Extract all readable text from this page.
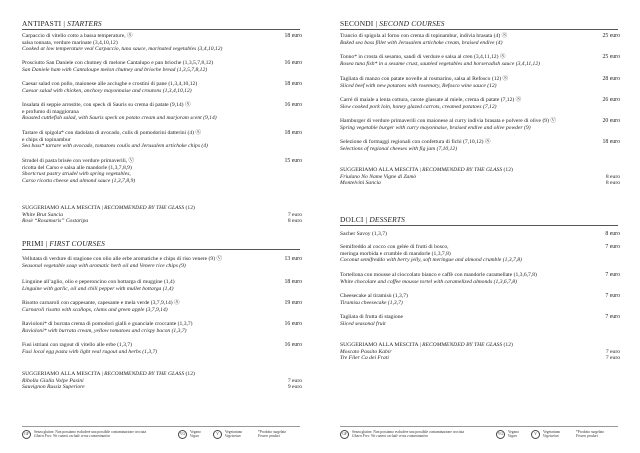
ANTIPASTI | STARTERS
Carpaccio di vitello cotto a bassa temperature, Ⓢ
salsa tonnata, verdure marinate (3,4,10,12)
Cooked at low temperature veal Carpaccio, tuna sauce, marinated vegetables (3,4,10,12)
18 euro
Prosciutto San Daniele con chutney di melone Cantalupo e pan brioche (1,3,5,7,8,12)
San Daniele ham with Cantaloupe melon chutney and brioche bread (1,3,5,7,8,12)
16 euro
Caesar salad con pollo, maionese alle acciughe e crostini di pane (1,3,4,10,12)
Caesar salad with chicken, anchovy mayonnaise and croutons (1,3,4,10,12)
18 euro
Insalata di seppie arrostite, con speck di Sauris su crema di patate (9,14) Ⓢ
e profumo di maggiorana
Roasted cuttlefish salad, with Sauris speck on potato cream and marjoram scent (9,14)
16 euro
Tartare di spigola* con dadolata di avocado, culis di pomodorini datterini (4) Ⓢ
e chips di topinambur
Sea bass* tartare with avocado, tomatoes coulis and Jerusalem artichoke chips (4)
18 euro
Strudel di pasta brisée con verdure primaverili, Ⓥ
ricotta del Carso e salsa alle mandorle (1,3,7,8,9)
Shortcrust pastry strudel with spring vegetables,
Carso ricotta cheese and almond sauce (1,3,7,8,9)
15 euro
SUGGERIAMO ALLA MESCITA | RECOMMENDED BY THE GLASS (12)
White Brut Sancia	7 euro
Rosè “Rosamaris” Costaripa	8 euro
PRIMI | FIRST COURSES
Vellutata di verdure di stagione con olio alle erbe aromatiche e chips di riso venere (9) Ⓥ
Seasonal vegetable soup with aromatic herb oil and Venere rice chips (9)
13 euro
Linguine all’aglio, olio e peperoncino con bottarga di muggine (1,4)
Linguine with garlic, oil and chili pepper with mullet bottarga (1,4)
18 euro
Risotto carnaroli con cappesante, capesante e mela verde (3,7,9,14) Ⓢ
Carnaroli risotto with scallops, clams and green apple (3,7,9,14)
19 euro
Ravioloni* di burrata crema di pomodori gialli e guanciale croccante (1,3,7)
Ravioloni* with burrata cream, yellow tomatoes and crispy bacon (1,3,7)
16 euro
Fusi istriani con ragout di vitello alle erbe (1,3,7)
Fusi local egg pasta with light veal ragout and herbs (1,3,7)
16 euro
SUGGERIAMO ALLA MESCITA | RECOMMENDED BY THE GLASS (12)
Ribolla Gialla Volpe Pasini	7 euro
Sauvignon Russiz Superiore	9 euro
SECONDI | SECOND COURSES
Trancio di spigola al forno con crema di topinambur, indivia brasata (4) Ⓢ
Baked sea bass fillet with Jerusalem artichoke cream, braised endive (4)
25 euro
Tonno* in crosta di sesamo, sandì di verdure e salsa al cren (3,4,11,12) Ⓢ
Rosea tuna fish* in a sesame crust, sautéed vegetables and horseradish sauce (3,4,11,12)
25 euro
Tagliata di manzo con patate novelle al rosmarino, salsa al Refosco (12) Ⓢ
Sliced beef with new potatoes with rosemary, Refosco wine sauce (12)
28 euro
Carré di maiale a lenta cottura, carote glassate al miele, crema di patate (7,12) Ⓢ
Slow cooked pork loin, honey glazed carrots, creamed potatoes (7,12)
26 euro
Hamburger di verdure primaverili con maionese al curry indivia brasata e polvere di olive (9) Ⓥ
Spring vegetable burger with curry mayonnaise, braised endive and olive powder (9)
20 euro
Selezione di formaggi regionali con confettura di fichi (7,10,12) Ⓢ
Selections of regional cheeses with fig jam (7,10,12)
18 euro
SUGGERIAMO ALLA MESCITA | RECOMMENDED BY THE GLASS (12)
Friulano No Name Vigne di Zamò	8 euro
Montelvini Sancia	8 euro
DOLCI | DESSERTS
Sacher Savoy (1,3,7)	8 euro
Semifreddo al cocco con gelée di frutti di bosco,
meringa morbida e crumble di mandorle (1,3,7,8)
Coconut semifreddo with berry jelly, soft meringue and almond crumble (1,3,7,8)
7 euro
Tortellona con mousse al cioccolato bianco e caffè con mandorle caramellate (1,3,6,7,8)
White chocolate and coffee mousse tortel with caramelized almonds (1,3,6,7,8)
7 euro
Cheesecake al tiramisù (1,3,7)
Tiramisu cheesecake (1,3,7)
7 euro
Tagliata di frutta di stagione
Sliced seasonal fruit
7 euro
SUGGERIAMO ALLA MESCITA | RECOMMENDED BY THE GLASS (12)
Moscato Passito Kabir	7 euro
Tre Filer Ca dei Frati	7 euro
GF	Senza glutine. Non possiamo escludere una possibile contaminazione crociata
Gluten Free. We cannot exclude cross contamination
VG	Vegano
Vegan
V	Vegetariano
Vegetarian
*Prodotto surgelato
Frozen product
GF	Senza glutine. Non possiamo escludere una possibile contaminazione crociata
Gluten Free. We cannot exclude cross contamination
VG	Vegano
Vegan
V	Vegetariano
Vegetarian
*Prodotto surgelato
Frozen product
